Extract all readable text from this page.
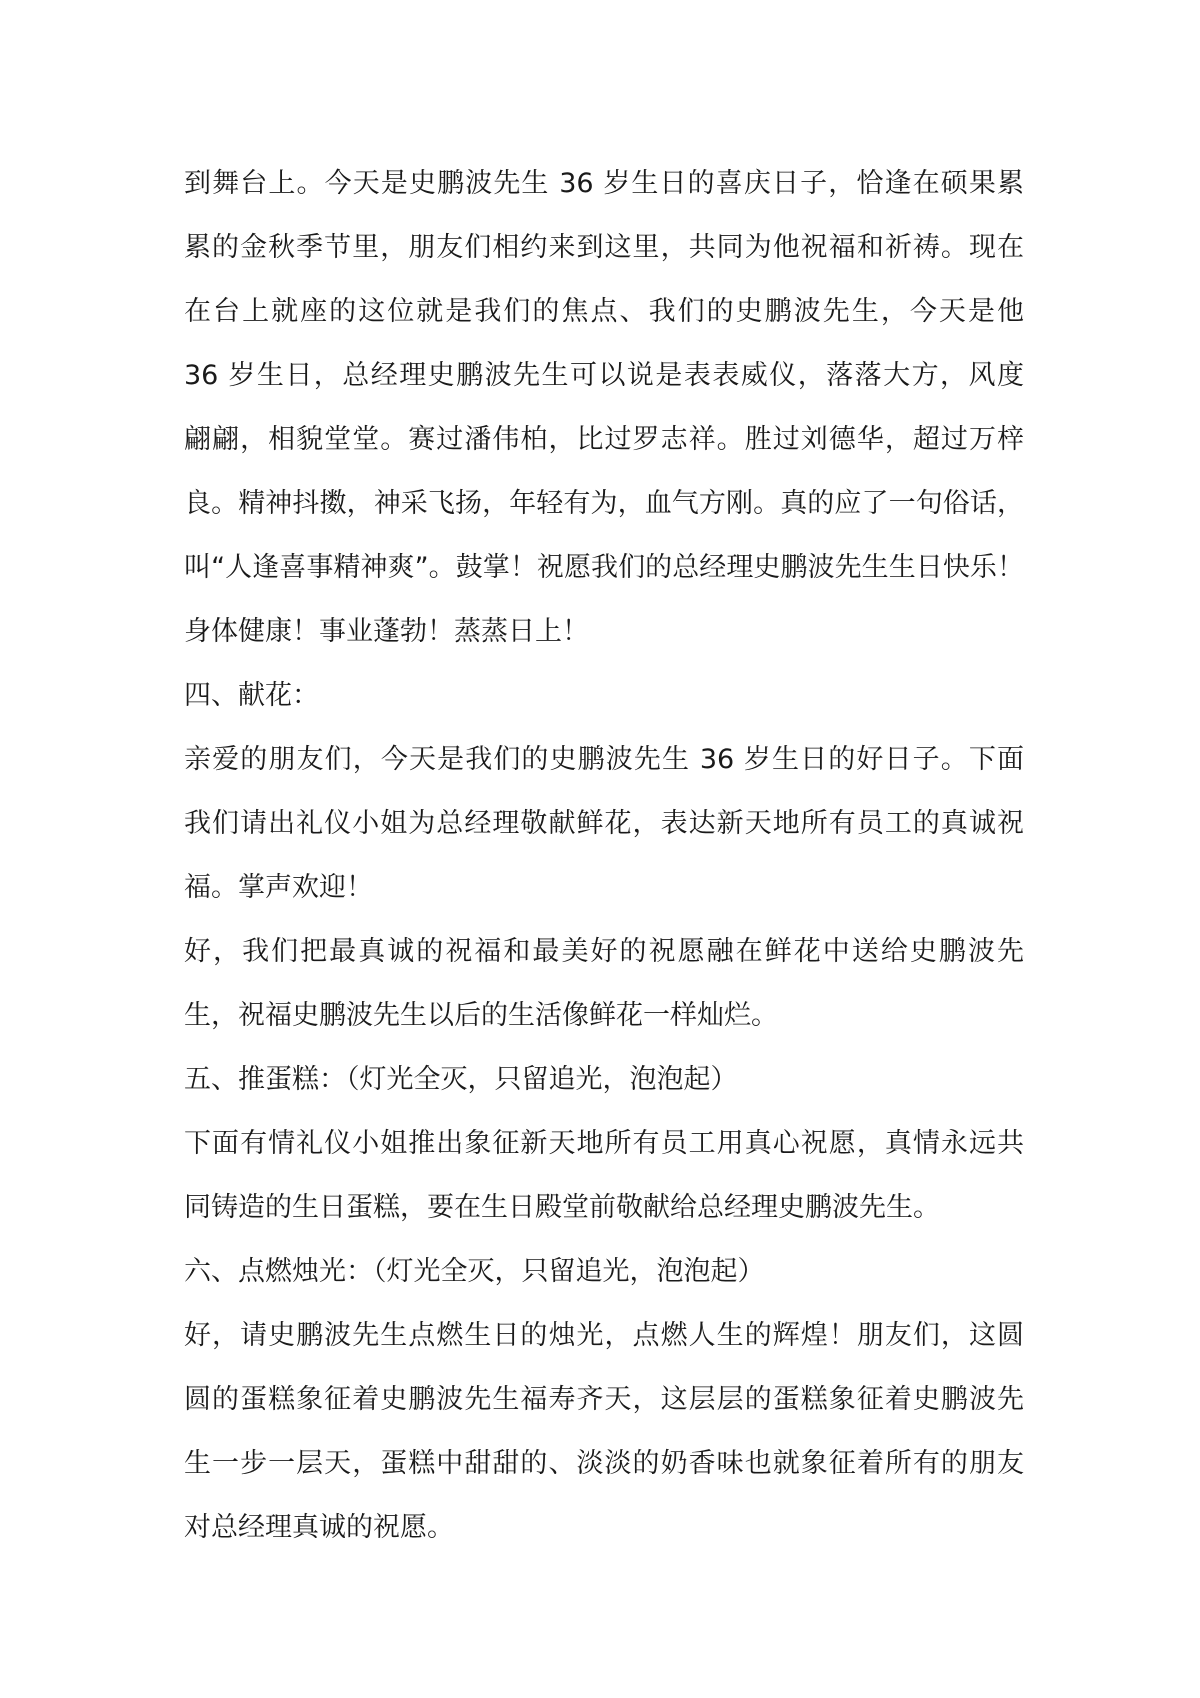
到舞台上。今天是史鹏波先生 36 岁生日的喜庆日子，恰逢在硕果累
累的金秋季节里，朋友们相约来到这里，共同为他祝福和祈祷。现在
在台上就座的这位就是我们的焦点、我们的史鹏波先生，今天是他
36 岁生日，总经理史鹏波先生可以说是表表威仪，落落大方，风度
翩翩，相貌堂堂。赛过潘伟柏，比过罗志祥。胜过刘德华，超过万梓
良。精神抖擞，神采飞扬，年轻有为，血气方刚。真的应了一句俗话，
叫“人逢喜事精神爽”。鼓掌！祝愿我们的总经理史鹏波先生生日快乐！
身体健康！事业蓬勃！蒸蒸日上！
四、献花：
亲爱的朋友们，今天是我们的史鹏波先生 36 岁生日的好日子。下面
我们请出礼仪小姐为总经理敬献鲜花，表达新天地所有员工的真诚祝
福。掌声欢迎！
好，我们把最真诚的祝福和最美好的祝愿融在鲜花中送给史鹏波先
生，祝福史鹏波先生以后的生活像鲜花一样灿烂。
五、推蛋糕：（灯光全灭，只留追光，泡泡起）
下面有情礼仪小姐推出象征新天地所有员工用真心祝愿，真情永远共
同铸造的生日蛋糕，要在生日殿堂前敬献给总经理史鹏波先生。
六、点燃烛光：（灯光全灭，只留追光，泡泡起）
好，请史鹏波先生点燃生日的烛光，点燃人生的辉煌！朋友们，这圆
圆的蛋糕象征着史鹏波先生福寿齐天，这层层的蛋糕象征着史鹏波先
生一步一层天，蛋糕中甜甜的、淡淡的奶香味也就象征着所有的朋友
对总经理真诚的祝愿。
